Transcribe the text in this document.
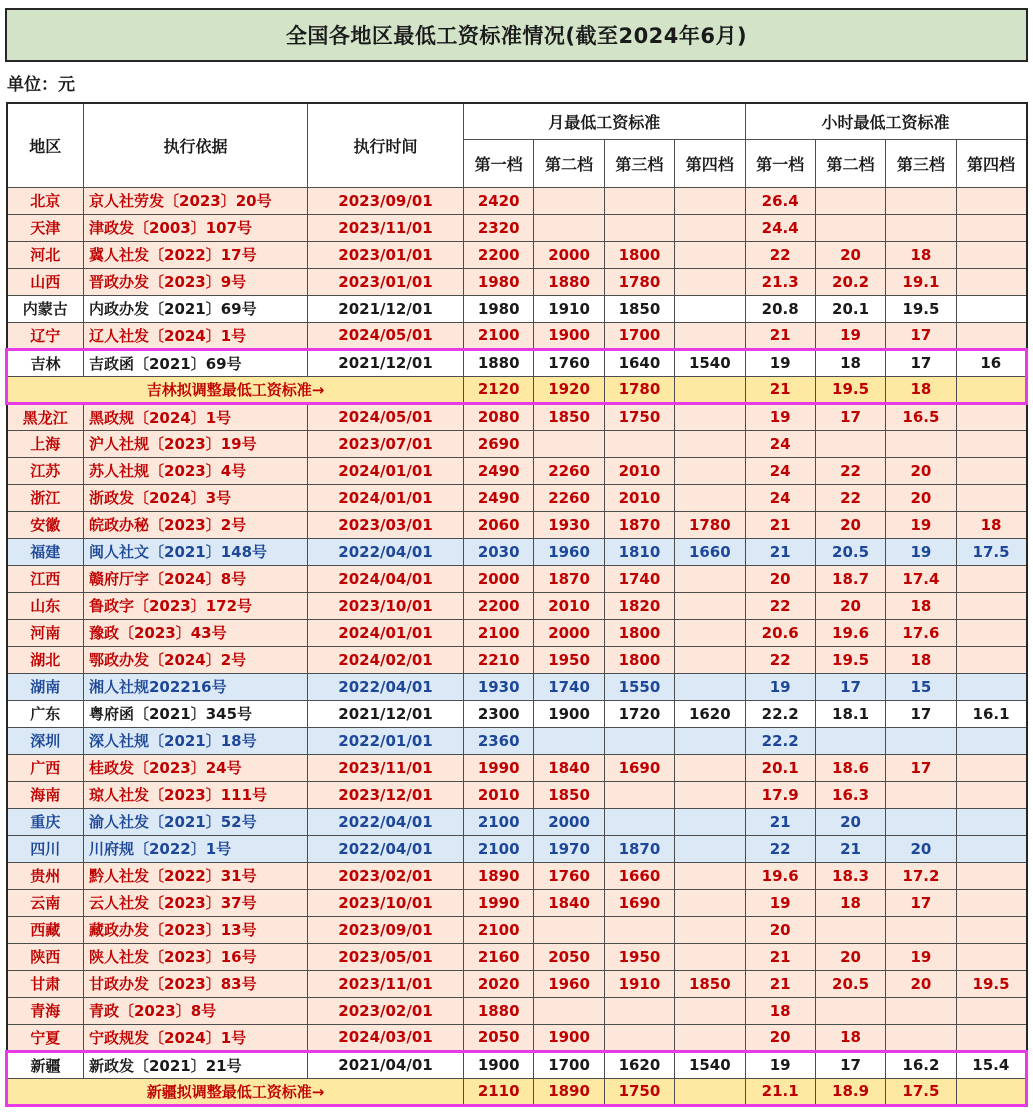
全国各地区最低工资标准情况(截至2024年6月)
单位：元
地区	执行依据	执行时间	月最低工资标准				小时最低工资标准			
			第一档	第二档	第三档	第四档	第一档	第二档	第三档	第四档
北京	京人社劳发〔2023〕20号	2023/09/01	2420				26.4			
天津	津政发〔2003〕107号	2023/11/01	2320				24.4			
河北	冀人社发〔2022〕17号	2023/01/01	2200	2000	1800		22	20	18	
山西	晋政办发〔2023〕9号	2023/01/01	1980	1880	1780		21.3	20.2	19.1	
内蒙古	内政办发〔2021〕69号	2021/12/01	1980	1910	1850		20.8	20.1	19.5	
辽宁	辽人社发〔2024〕1号	2024/05/01	2100	1900	1700		21	19	17	
吉林	吉政函〔2021〕69号	2021/12/01	1880	1760	1640	1540	19	18	17	16
吉林拟调整最低工资标准→			2120	1920	1780		21	19.5	18	
黑龙江	黑政规〔2024〕1号	2024/05/01	2080	1850	1750		19	17	16.5	
上海	沪人社规〔2023〕19号	2023/07/01	2690				24			
江苏	苏人社规〔2023〕4号	2024/01/01	2490	2260	2010		24	22	20	
浙江	浙政发〔2024〕3号	2024/01/01	2490	2260	2010		24	22	20	
安徽	皖政办秘〔2023〕2号	2023/03/01	2060	1930	1870	1780	21	20	19	18
福建	闽人社文〔2021〕148号	2022/04/01	2030	1960	1810	1660	21	20.5	19	17.5
江西	赣府厅字〔2024〕8号	2024/04/01	2000	1870	1740		20	18.7	17.4	
山东	鲁政字〔2023〕172号	2023/10/01	2200	2010	1820		22	20	18	
河南	豫政〔2023〕43号	2024/01/01	2100	2000	1800		20.6	19.6	17.6	
湖北	鄂政办发〔2024〕2号	2024/02/01	2210	1950	1800		22	19.5	18	
湖南	湘人社规202216号	2022/04/01	1930	1740	1550		19	17	15	
广东	粤府函〔2021〕345号	2021/12/01	2300	1900	1720	1620	22.2	18.1	17	16.1
深圳	深人社规〔2021〕18号	2022/01/01	2360				22.2			
广西	桂政发〔2023〕24号	2023/11/01	1990	1840	1690		20.1	18.6	17	
海南	琼人社发〔2023〕111号	2023/12/01	2010	1850			17.9	16.3		
重庆	渝人社发〔2021〕52号	2022/04/01	2100	2000			21	20		
四川	川府规〔2022〕1号	2022/04/01	2100	1970	1870		22	21	20	
贵州	黔人社发〔2022〕31号	2023/02/01	1890	1760	1660		19.6	18.3	17.2	
云南	云人社发〔2023〕37号	2023/10/01	1990	1840	1690		19	18	17	
西藏	藏政办发〔2023〕13号	2023/09/01	2100				20			
陕西	陕人社发〔2023〕16号	2023/05/01	2160	2050	1950		21	20	19	
甘肃	甘政办发〔2023〕83号	2023/11/01	2020	1960	1910	1850	21	20.5	20	19.5
青海	青政〔2023〕8号	2023/02/01	1880				18			
宁夏	宁政规发〔2024〕1号	2024/03/01	2050	1900			20	18		
新疆	新政发〔2021〕21号	2021/04/01	1900	1700	1620	1540	19	17	16.2	15.4
新疆拟调整最低工资标准→			2110	1890	1750		21.1	18.9	17.5	
